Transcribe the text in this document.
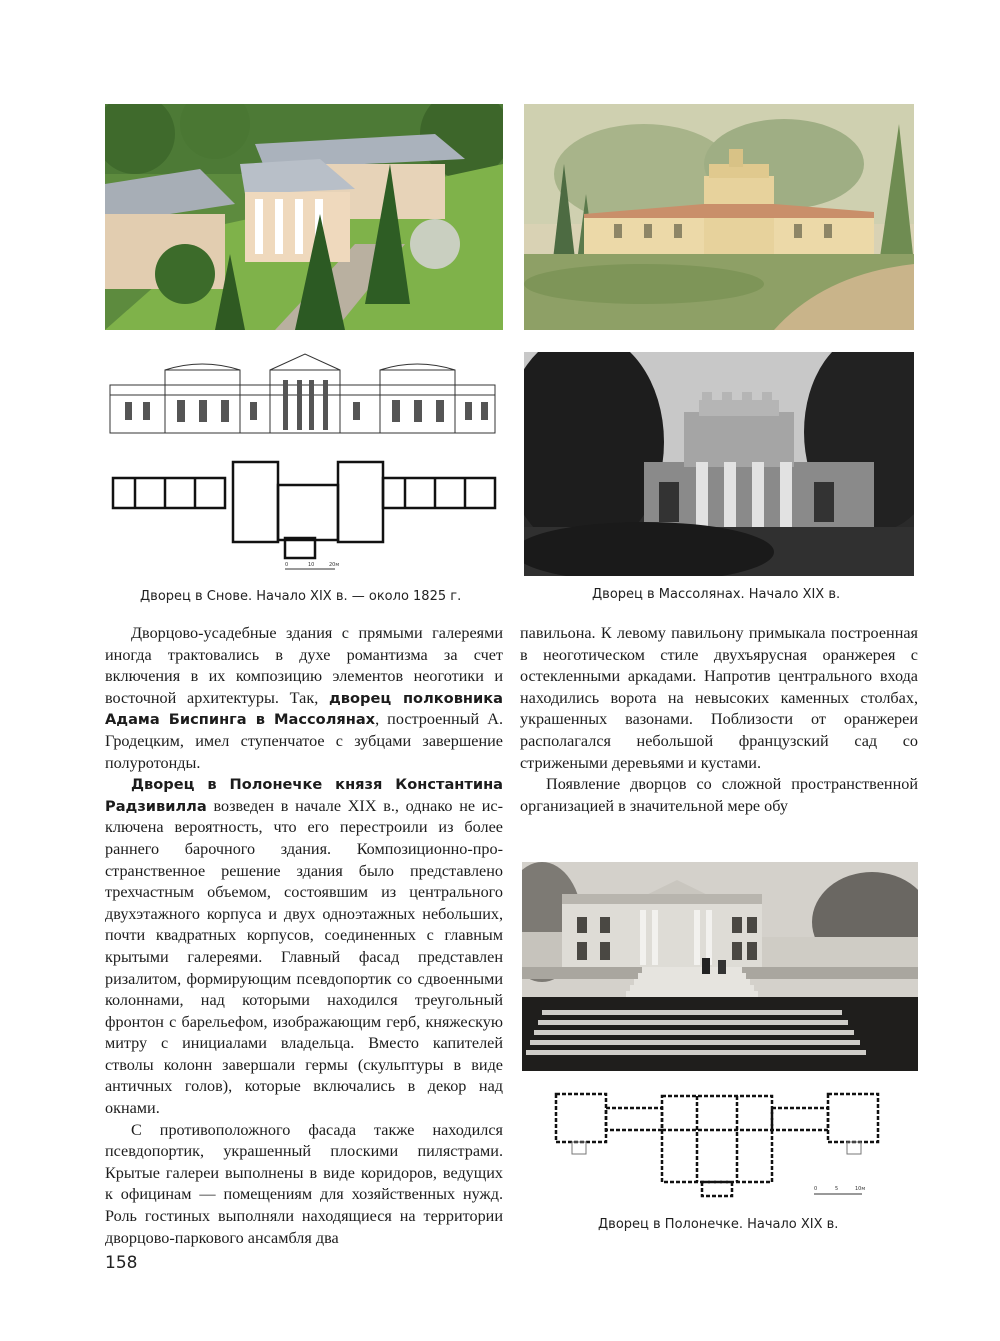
0	10	20м
Дворец в Снове. Начало XIX в. — около 1825 г.	Дворец в Массолянах. Начало XIX в.

Дворцово-усадебные здания с прямыми галереями иногда трактовались в духе романтизма за счет включения в их композицию элементов неоготики и восточной архитектуры. Так, дворец полковника Адама Биспинга в Массолянах, построенный А. Гродецким, имел ступенчатое с зубцами завершение полуротонды.

Дворец в Полонечке князя Константина Радзивилла возведен в начале XIX в., однако не исключена вероятность, что его перестроили из более раннего барочного здания. Композиционно-пространственное решение здания было представлено трехчастным объемом, состоявшим из центрального двухэтажного корпуса и двух одноэтажных небольших, почти квадратных корпусов, соединенных с главным крытыми галереями. Главный фасад представлен ризалитом, формирующим псевдопортик со сдвоенными колоннами, над которыми находился треугольный фронтон с барельефом, изображающим герб, княжескую митру с инициалами владельца. Вместо капителей стволы колонн завершали гермы (скульптуры в виде античных голов), которые включались в декор над окнами.

С противоположного фасада также находился псевдопортик, украшенный плоскими пилястрами. Крытые галереи выполнены в виде коридоров, ведущих к официнам — помещениям для хозяйственных нужд. Роль гостиных выполняли находящиеся на территории дворцово-паркового ансамбля два

павильона. К левому павильону примыкала построенная в неоготическом стиле двухъярусная оранжерея с остекленными аркадами. Напротив центрального входа находились ворота на невысоких каменных столбах, украшенных вазонами. Поблизости от оранжереи располагался небольшой французский сад со стрижеными деревьями и кустами.

Появление дворцов со сложной пространственной организацией в значительной мере обу

0	5	10м
Дворец в Полонечке. Начало XIX в.
158
